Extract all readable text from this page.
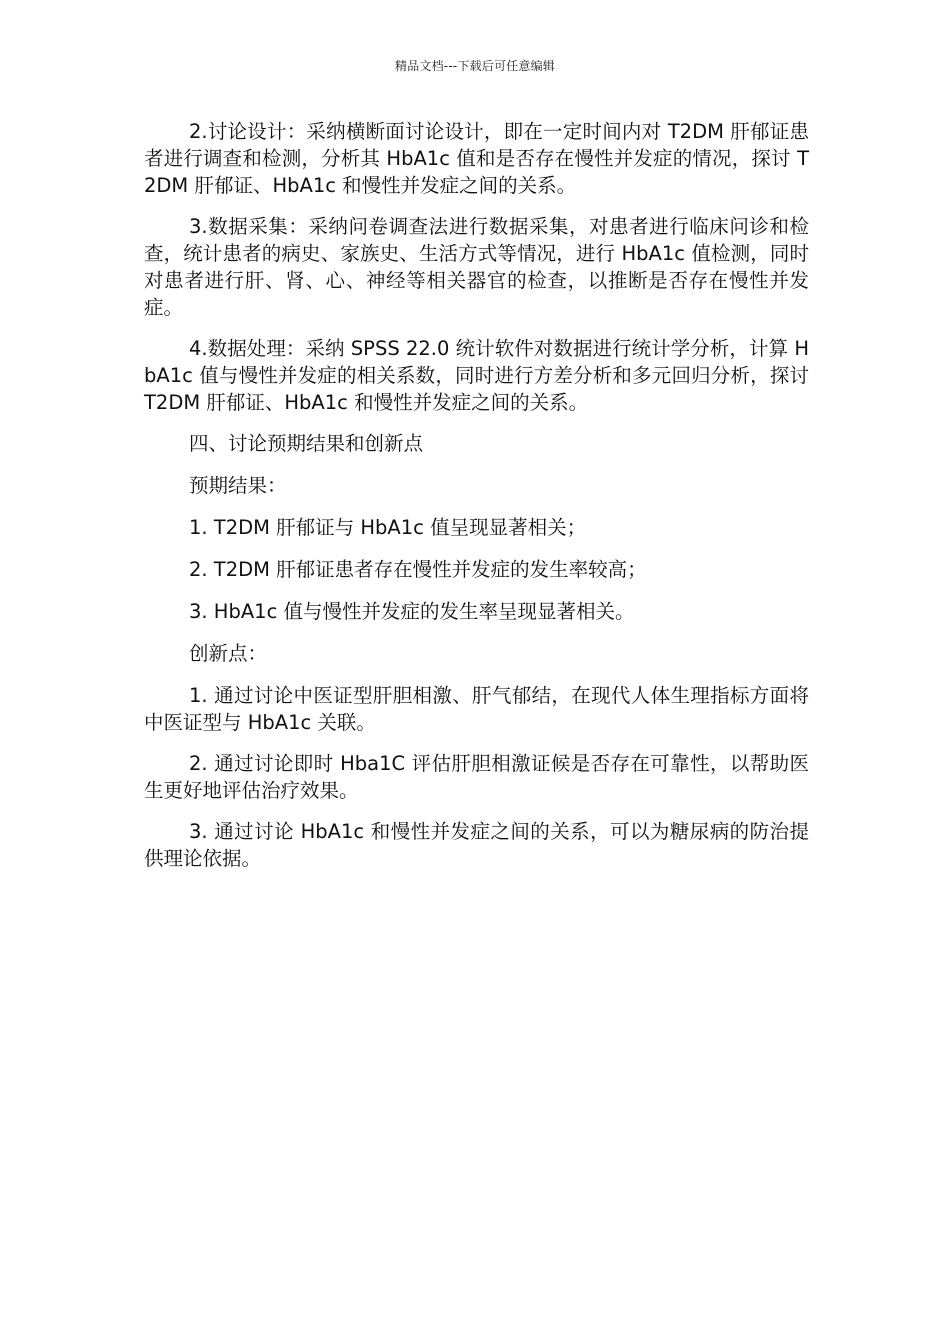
精品文档---下载后可任意编辑

2.讨论设计：采纳横断面讨论设计，即在一定时间内对 T2DM 肝郁证患者进行调查和检测，分析其 HbA1c 值和是否存在慢性并发症的情况，探讨 T2DM 肝郁证、HbA1c 和慢性并发症之间的关系。

3.数据采集：采纳问卷调查法进行数据采集，对患者进行临床问诊和检查，统计患者的病史、家族史、生活方式等情况，进行 HbA1c 值检测，同时对患者进行肝、肾、心、神经等相关器官的检查，以推断是否存在慢性并发症。

4.数据处理：采纳 SPSS 22.0 统计软件对数据进行统计学分析，计算 HbA1c 值与慢性并发症的相关系数，同时进行方差分析和多元回归分析，探讨 T2DM 肝郁证、HbA1c 和慢性并发症之间的关系。

四、讨论预期结果和创新点

预期结果：

1. T2DM 肝郁证与 HbA1c 值呈现显著相关；

2. T2DM 肝郁证患者存在慢性并发症的发生率较高；

3. HbA1c 值与慢性并发症的发生率呈现显著相关。

创新点：

1. 通过讨论中医证型肝胆相激、肝气郁结，在现代人体生理指标方面将中医证型与 HbA1c 关联。

2. 通过讨论即时 Hba1C 评估肝胆相激证候是否存在可靠性，以帮助医生更好地评估治疗效果。

3. 通过讨论 HbA1c 和慢性并发症之间的关系，可以为糖尿病的防治提供理论依据。
